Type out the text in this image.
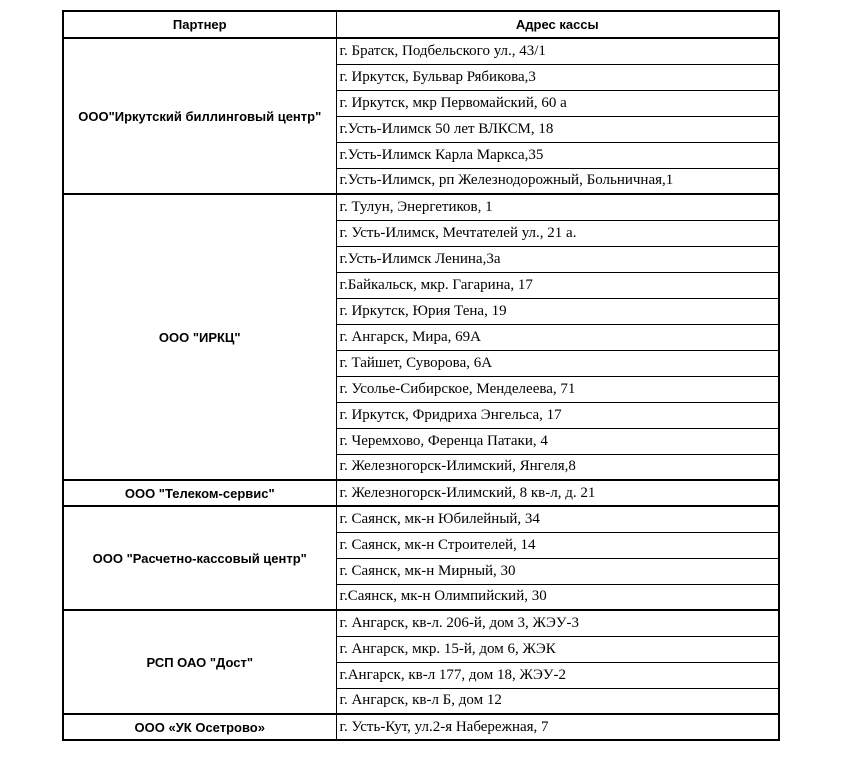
Партнер	Адрес кассы
ООО"Иркутский биллинговый центр"	г. Братск, Подбельского ул., 43/1
	г. Иркутск, Бульвар Рябикова,3
	г. Иркутск, мкр Первомайский, 60 а
	г.Усть-Илимск 50 лет ВЛКСМ, 18
	г.Усть-Илимск Карла Маркса,35
	г.Усть-Илимск, рп Железнодорожный, Больничная,1
ООО "ИРКЦ"	г. Тулун, Энергетиков, 1
	г. Усть-Илимск, Мечтателей ул., 21 а.
	г.Усть-Илимск Ленина,3а
	г.Байкальск, мкр. Гагарина, 17
	г. Иркутск, Юрия Тена, 19
	г. Ангарск, Мира, 69А
	г. Тайшет, Суворова, 6А
	г. Усолье-Сибирское, Менделеева, 71
	г. Иркутск, Фридриха Энгельса, 17
	г. Черемхово, Ференца Патаки, 4
	г. Железногорск-Илимский, Янгеля,8
ООО "Телеком-сервис"	г. Железногорск-Илимский, 8 кв-л, д. 21
ООО "Расчетно-кассовый центр"	г. Саянск, мк-н Юбилейный, 34
	г. Саянск, мк-н Строителей, 14
	г. Саянск, мк-н Мирный, 30
	г.Саянск, мк-н Олимпийский, 30
РСП ОАО "Дост"	г. Ангарск, кв-л. 206-й, дом 3, ЖЭУ-3
	г. Ангарск, мкр. 15-й, дом 6, ЖЭК
	г.Ангарск, кв-л 177, дом 18, ЖЭУ-2
	г. Ангарск, кв-л Б, дом 12
ООО «УК Осетрово»	г. Усть-Кут, ул.2-я Набережная, 7
